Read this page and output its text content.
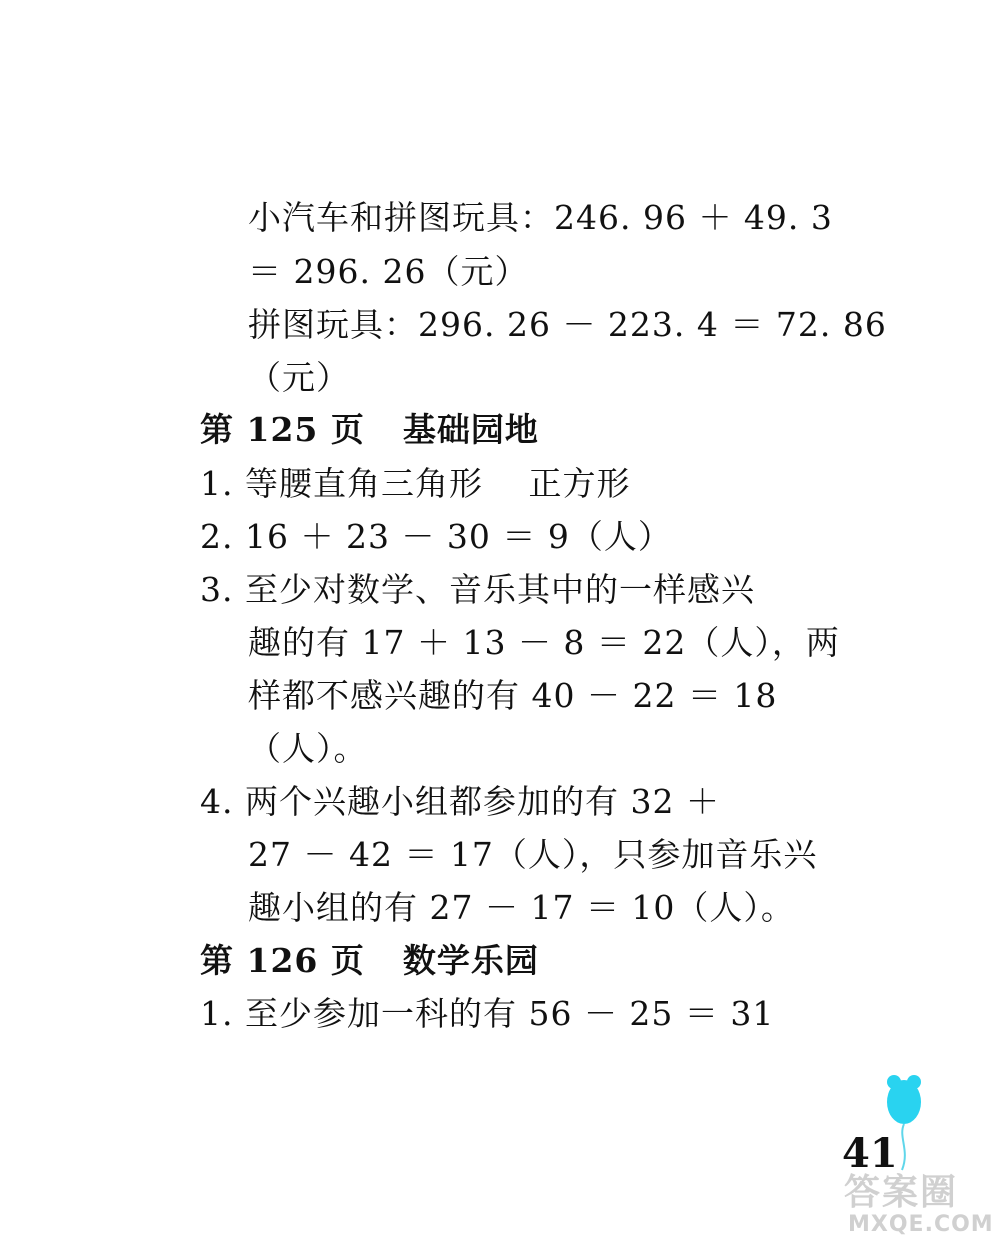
小汽车和拼图玩具：246. 96 ＋ 49. 3
＝ 296. 26（元）
拼图玩具：296. 26 － 223. 4 ＝ 72. 86
（元）
第 125 页 基础园地
1. 等腰直角三角形　 正方形
2. 16 ＋ 23 － 30 ＝ 9（人）
3. 至少对数学、音乐其中的一样感兴
趣的有 17 ＋ 13 － 8 ＝ 22（人），两
样都不感兴趣的有 40 － 22 ＝ 18
（人）。
4. 两个兴趣小组都参加的有 32 ＋
27 － 42 ＝ 17（人），只参加音乐兴
趣小组的有 27 － 17 ＝ 10（人）。
第 126 页 数学乐园
1. 至少参加一科的有 56 － 25 ＝ 31
41
答案圈
MXQE.COM
